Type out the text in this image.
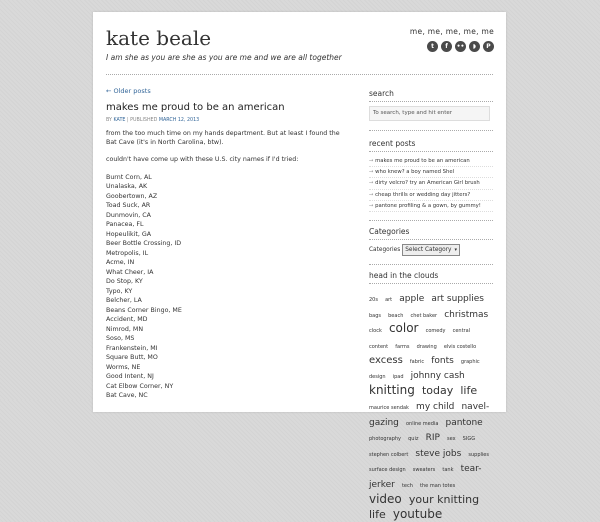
kate beale
I am she as you are she as you are me and we are all together
me, me, me, me, me
t	f	••	◗	P
← Older posts
makes me proud to be an american
BY KATE | PUBLISHED MARCH 12, 2013

from the too much time on my hands department. But at least I found the Bat Cave (it's in North Carolina, btw).

couldn't have come up with these U.S. city names if I'd tried:

Burnt Corn, AL
Unalaska, AK
Goobertown, AZ
Toad Suck, AR
Dunmovin, CA
Panacea, FL
Hopeulikit, GA
Beer Bottle Crossing, ID
Metropolis, IL
Acme, IN
What Cheer, IA
Do Stop, KY
Typo, KY
Belcher, LA
Beans Corner Bingo, ME
Accident, MD
Nimrod, MN
Soso, MS
Frankenstein, MI
Square Butt, MO
Worms, NE
Good Intent, NJ
Cat Elbow Corner, NY
Bat Cave, NC
search
To search, type and hit enter
recent posts
→ makes me proud to be an american
→ who knew? a boy named Shel
→ dirty velcro? try an American Girl brush
→ cheap thrills or wedding day jitters?
→ pantone profiling & a gown, by gummy!
Categories
Categories Select Category ▾
head in the clouds
20s art apple art supplies bags beach chet baker christmas clock color comedy central content farms drawing elvis costello excess fabric fonts graphic design ipad johnny cash knitting today life maurice sendak my child navel-gazing online media pantone photography quiz RIP sex SIGG stephen colbert steve jobs supplies surface design sweaters tank tear-jerker tech the man totes video your knitting life youtube
